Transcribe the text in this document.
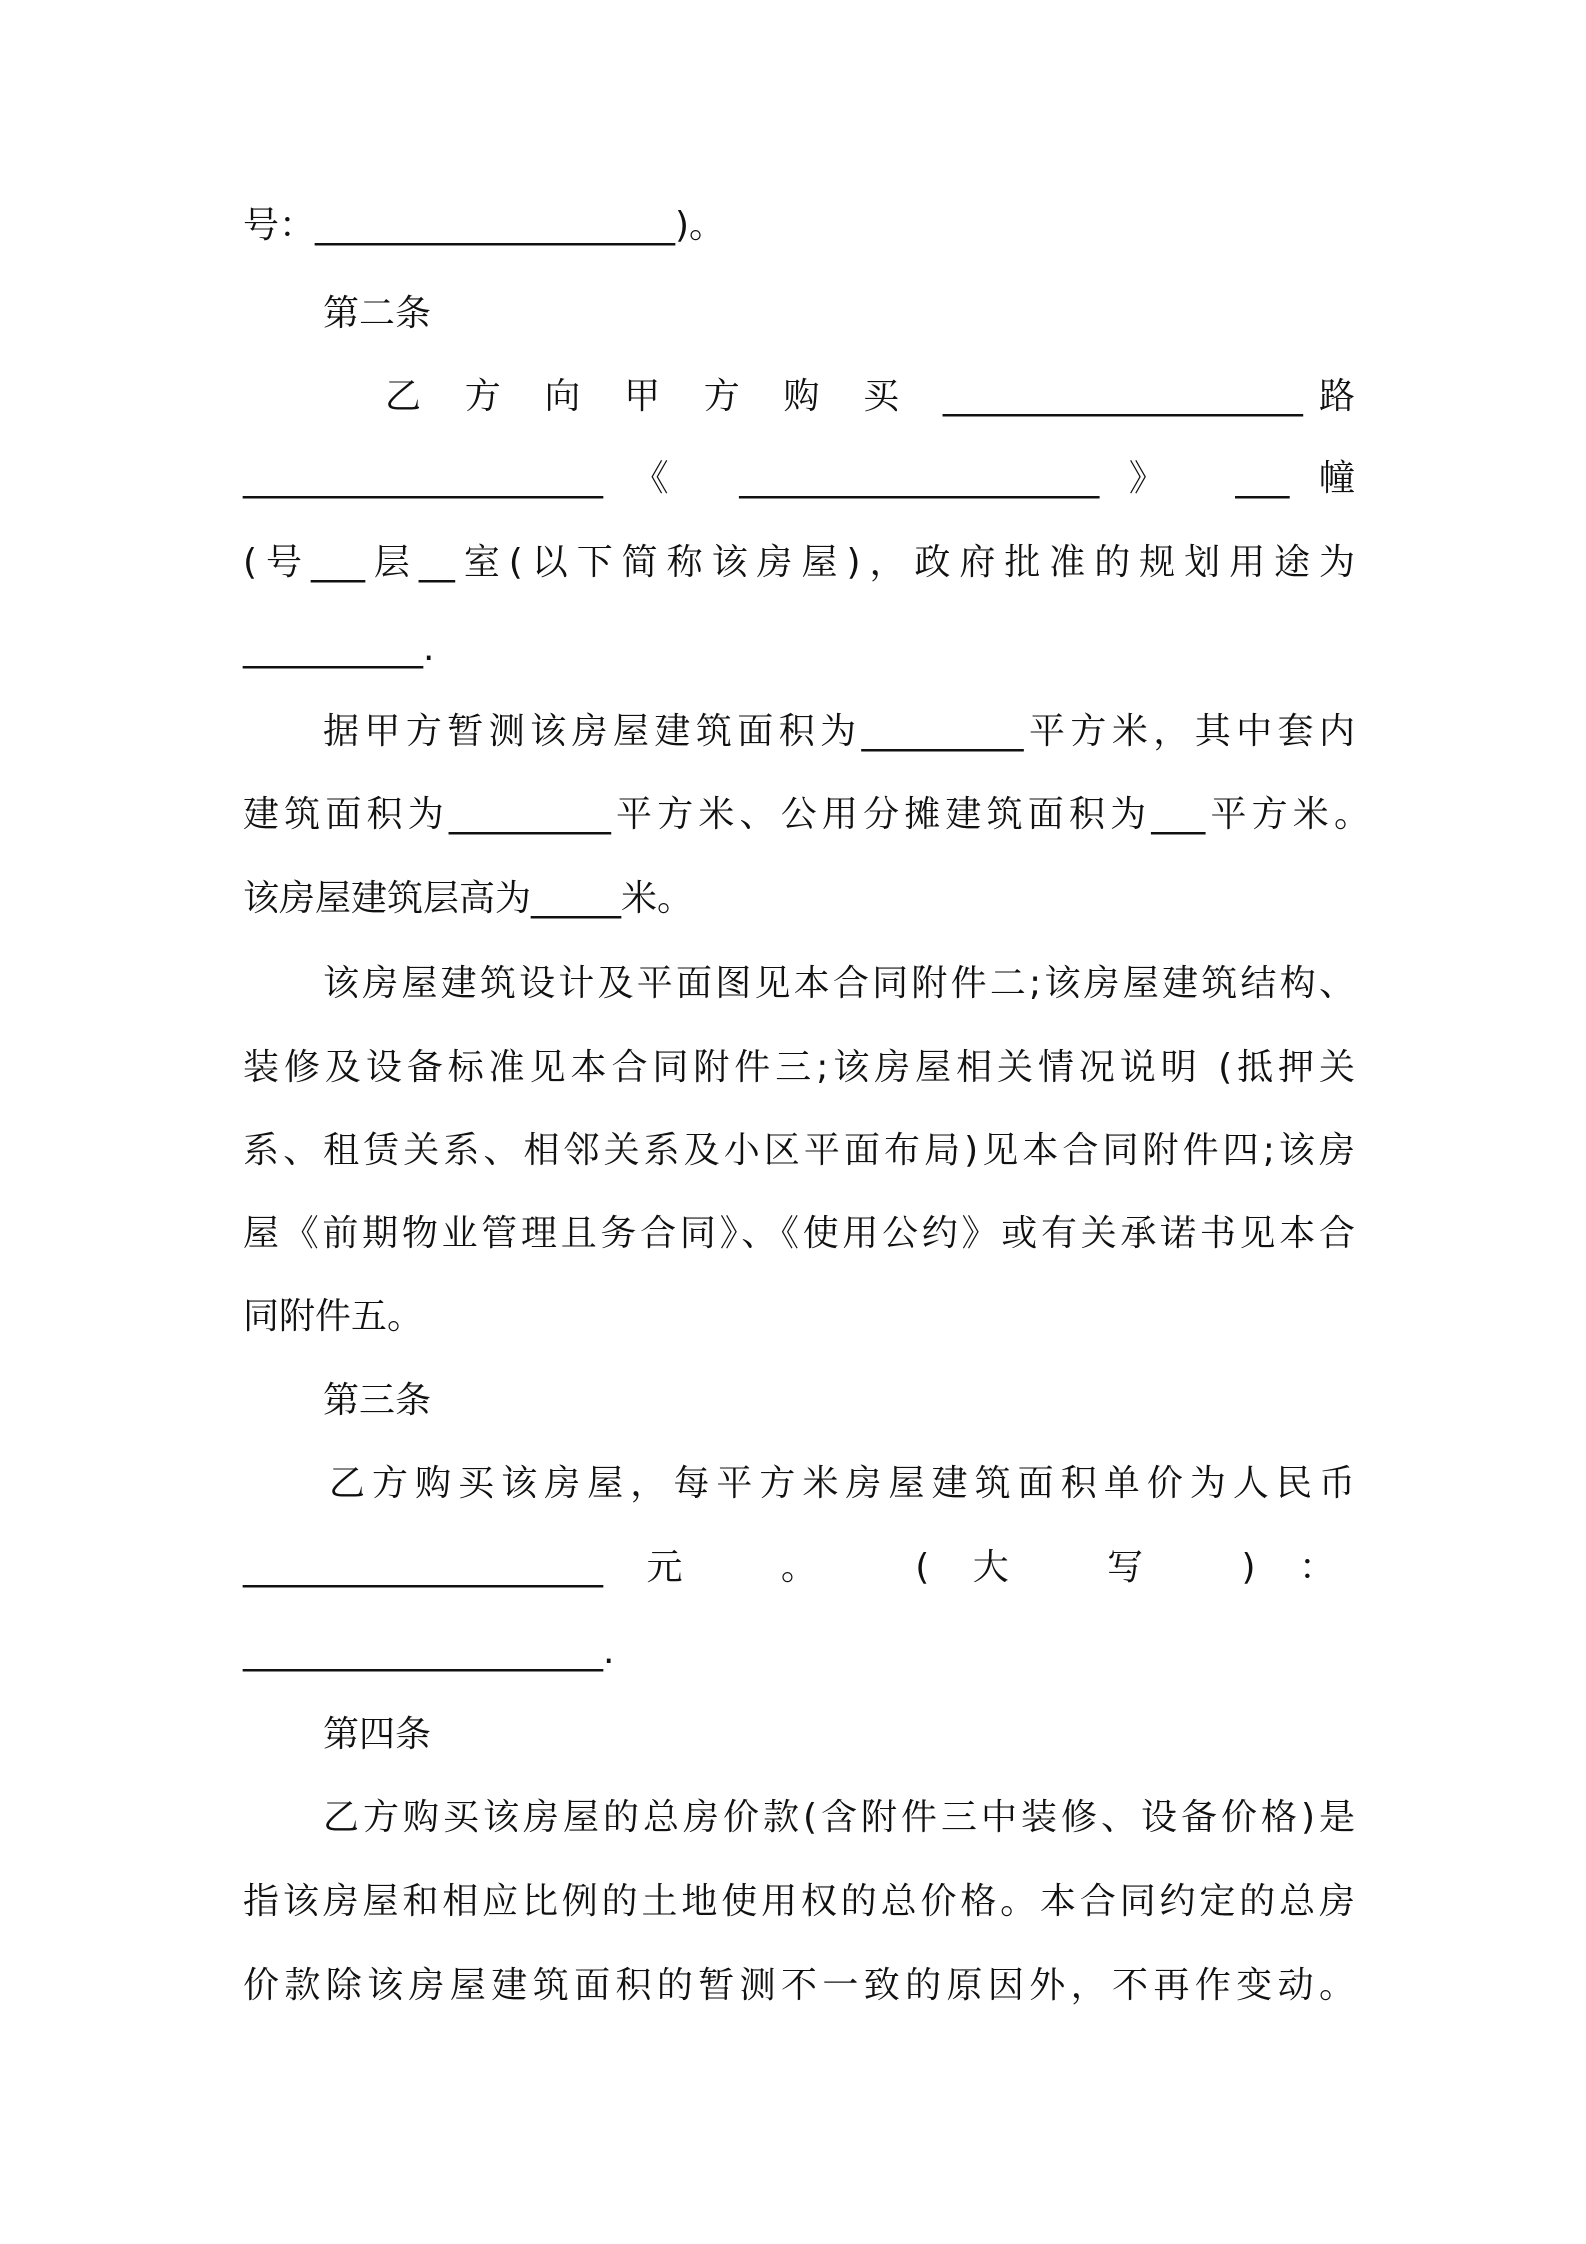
号：____________________)。
第二条
乙 方 向 甲 方 购 买 ____________________路
____________________《 ____________________》 ___幢
(号___层__室(以下简称该房屋)，政府批准的规划用途为
__________.
据甲方暂测该房屋建筑面积为_________平方米，其中套内
建筑面积为_________平方米、公用分摊建筑面积为___平方米。
该房屋建筑层高为_____米。
该房屋建筑设计及平面图见本合同附件二;该房屋建筑结构、
装修及设备标准见本合同附件三;该房屋相关情况说明 (抵押关
系、租赁关系、相邻关系及小区平面布局)见本合同附件四;该房
屋《前期物业管理且务合同》、《使用公约》或有关承诺书见本合
同附件五。
第三条
乙方购买该房屋，每平方米房屋建筑面积单价为人民币
____________________元 。 (大 写 )：
____________________.
第四条
乙方购买该房屋的总房价款(含附件三中装修、设备价格)是
指该房屋和相应比例的土地使用权的总价格。本合同约定的总房
价款除该房屋建筑面积的暂测不一致的原因外，不再作变动。
